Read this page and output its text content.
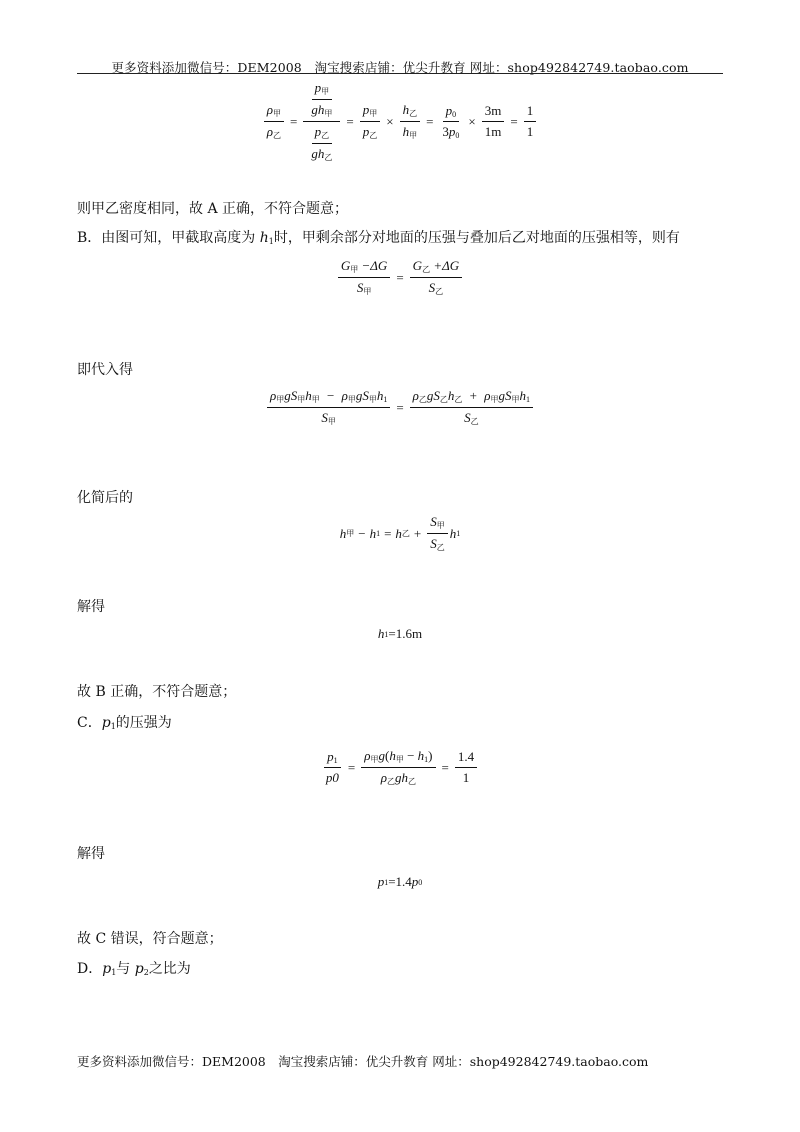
更多资料添加微信号：DEM2008　淘宝搜索店铺：优尖升教育 网址：shop492842749.taobao.com
$\rho_甲$
$\rho_乙$
=
$p_甲$
$gh_甲$
$p_乙$
$gh_乙$
=
$p_甲$
$p_乙$
×
$h_乙$
$h_甲$
= $\frac{p_0}{3p_0} \times \frac{3m}{1m} = \frac{1}{1}$
则甲乙密度相同，故 A 正确，不符合题意；
B．由图可知，甲截取高度为 $h_1$时，甲剩余部分对地面的压强与叠加后乙对地面的压强相等，则有
$G_甲 -\Delta G$
$S_甲$
=
$G_乙 +\Delta G$
$S_乙$
即代入得
$\rho_甲gS_甲h_甲 - \rho_甲gS_甲h_1$
$S_甲$
=
$\rho_乙gS_乙h_乙 + \rho_甲gS_甲h_1$
$S_乙$
化简后的
h 甲 − h 1 = h 乙 +
$S_甲$
$S_乙$
h 1
解得
h 1 =1.6m
故 B 正确，不符合题意；
C．$p_1$的压强为
$\frac{p_1}{p0}$ =
$\rho_甲g(h_甲 - h_1)$
$\rho_乙gh_乙$
= $\frac{1.4}{1}$
解得
p 1 =1.4 p 0
故 C 错误，符合题意；
D．$p_1$与 $p_2$之比为
更多资料添加微信号：DEM2008　淘宝搜索店铺：优尖升教育 网址：shop492842749.taobao.com
